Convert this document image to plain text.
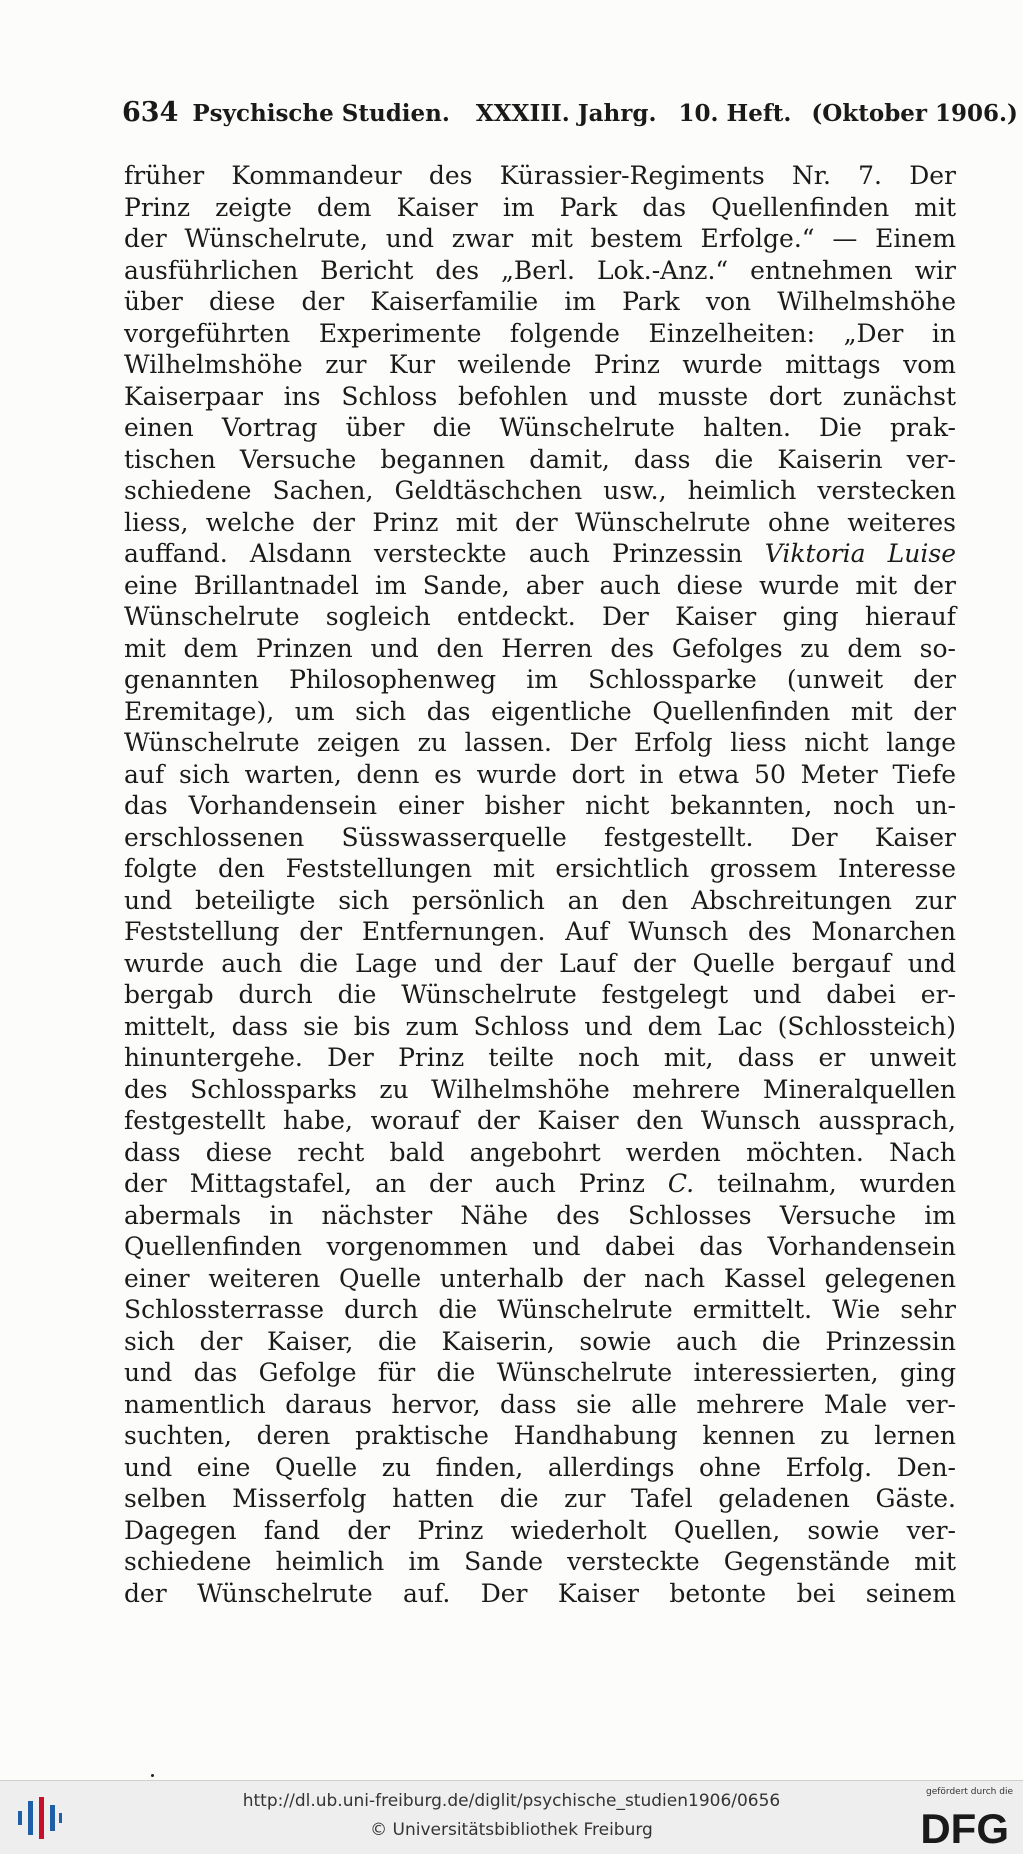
634 Psychische Studien. XXXIII. Jahrg. 10. Heft. (Oktober 1906.)
früher Kommandeur des Kürassier-Regiments Nr. 7. Der
Prinz zeigte dem Kaiser im Park das Quellenfinden mit
der Wünschelrute, und zwar mit bestem Erfolge.“ — Einem
ausführlichen Bericht des „Berl. Lok.-Anz.“ entnehmen wir
über diese der Kaiserfamilie im Park von Wilhelmshöhe
vorgeführten Experimente folgende Einzelheiten: „Der in
Wilhelmshöhe zur Kur weilende Prinz wurde mittags vom
Kaiserpaar ins Schloss befohlen und musste dort zunächst
einen Vortrag über die Wünschelrute halten. Die prak-
tischen Versuche begannen damit, dass die Kaiserin ver-
schiedene Sachen, Geldtäschchen usw., heimlich verstecken
liess, welche der Prinz mit der Wünschelrute ohne weiteres
auffand. Alsdann versteckte auch Prinzessin Viktoria Luise
eine Brillantnadel im Sande, aber auch diese wurde mit der
Wünschelrute sogleich entdeckt. Der Kaiser ging hierauf
mit dem Prinzen und den Herren des Gefolges zu dem so-
genannten Philosophenweg im Schlossparke (unweit der
Eremitage), um sich das eigentliche Quellenfinden mit der
Wünschelrute zeigen zu lassen. Der Erfolg liess nicht lange
auf sich warten, denn es wurde dort in etwa 50 Meter Tiefe
das Vorhandensein einer bisher nicht bekannten, noch un-
erschlossenen Süsswasserquelle festgestellt. Der Kaiser
folgte den Feststellungen mit ersichtlich grossem Interesse
und beteiligte sich persönlich an den Abschreitungen zur
Feststellung der Entfernungen. Auf Wunsch des Monarchen
wurde auch die Lage und der Lauf der Quelle bergauf und
bergab durch die Wünschelrute festgelegt und dabei er-
mittelt, dass sie bis zum Schloss und dem Lac (Schlossteich)
hinuntergehe. Der Prinz teilte noch mit, dass er unweit
des Schlossparks zu Wilhelmshöhe mehrere Mineralquellen
festgestellt habe, worauf der Kaiser den Wunsch aussprach,
dass diese recht bald angebohrt werden möchten. Nach
der Mittagstafel, an der auch Prinz C. teilnahm, wurden
abermals in nächster Nähe des Schlosses Versuche im
Quellenfinden vorgenommen und dabei das Vorhandensein
einer weiteren Quelle unterhalb der nach Kassel gelegenen
Schlossterrasse durch die Wünschelrute ermittelt. Wie sehr
sich der Kaiser, die Kaiserin, sowie auch die Prinzessin
und das Gefolge für die Wünschelrute interessierten, ging
namentlich daraus hervor, dass sie alle mehrere Male ver-
suchten, deren praktische Handhabung kennen zu lernen
und eine Quelle zu finden, allerdings ohne Erfolg. Den-
selben Misserfolg hatten die zur Tafel geladenen Gäste.
Dagegen fand der Prinz wiederholt Quellen, sowie ver-
schiedene heimlich im Sande versteckte Gegenstände mit
der Wünschelrute auf. Der Kaiser betonte bei seinem
http://dl.ub.uni-freiburg.de/diglit/psychische_studien1906/0656
© Universitätsbibliothek Freiburg
gefördert durch die
DFG
